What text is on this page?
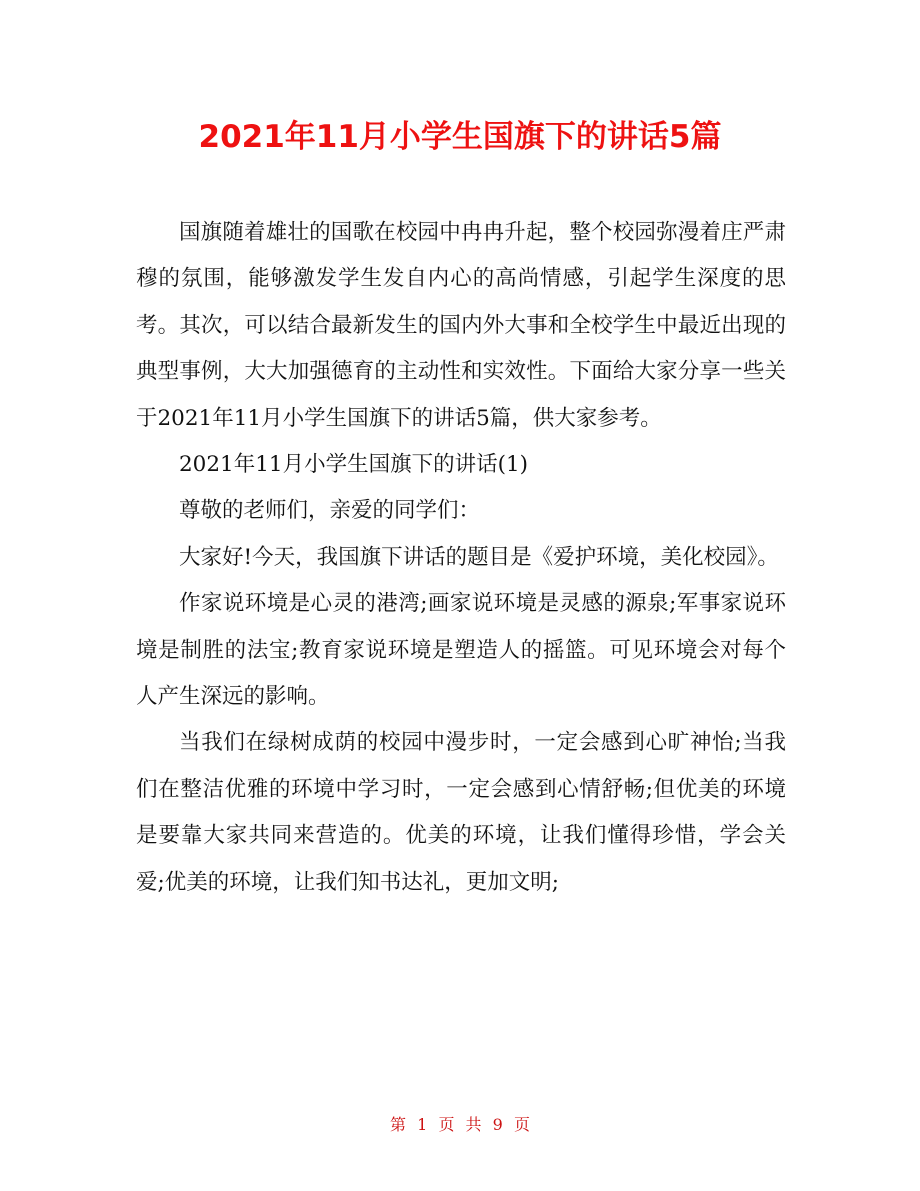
2021年11月小学生国旗下的讲话5篇

国旗随着雄壮的国歌在校园中冉冉升起，整个校园弥漫着庄严肃穆的氛围，能够激发学生发自内心的高尚情感，引起学生深度的思考。其次，可以结合最新发生的国内外大事和全校学生中最近出现的典型事例，大大加强德育的主动性和实效性。下面给大家分享一些关于2021年11月小学生国旗下的讲话5篇，供大家参考。

2021年11月小学生国旗下的讲话(1)

尊敬的老师们，亲爱的同学们：

大家好!今天，我国旗下讲话的题目是《爱护环境，美化校园》。

作家说环境是心灵的港湾;画家说环境是灵感的源泉;军事家说环境是制胜的法宝;教育家说环境是塑造人的摇篮。可见环境会对每个人产生深远的影响。

当我们在绿树成荫的校园中漫步时，一定会感到心旷神怡;当我们在整洁优雅的环境中学习时，一定会感到心情舒畅;但优美的环境是要靠大家共同来营造的。优美的环境，让我们懂得珍惜，学会关爱;优美的环境，让我们知书达礼，更加文明;

第 1 页 共 9 页
